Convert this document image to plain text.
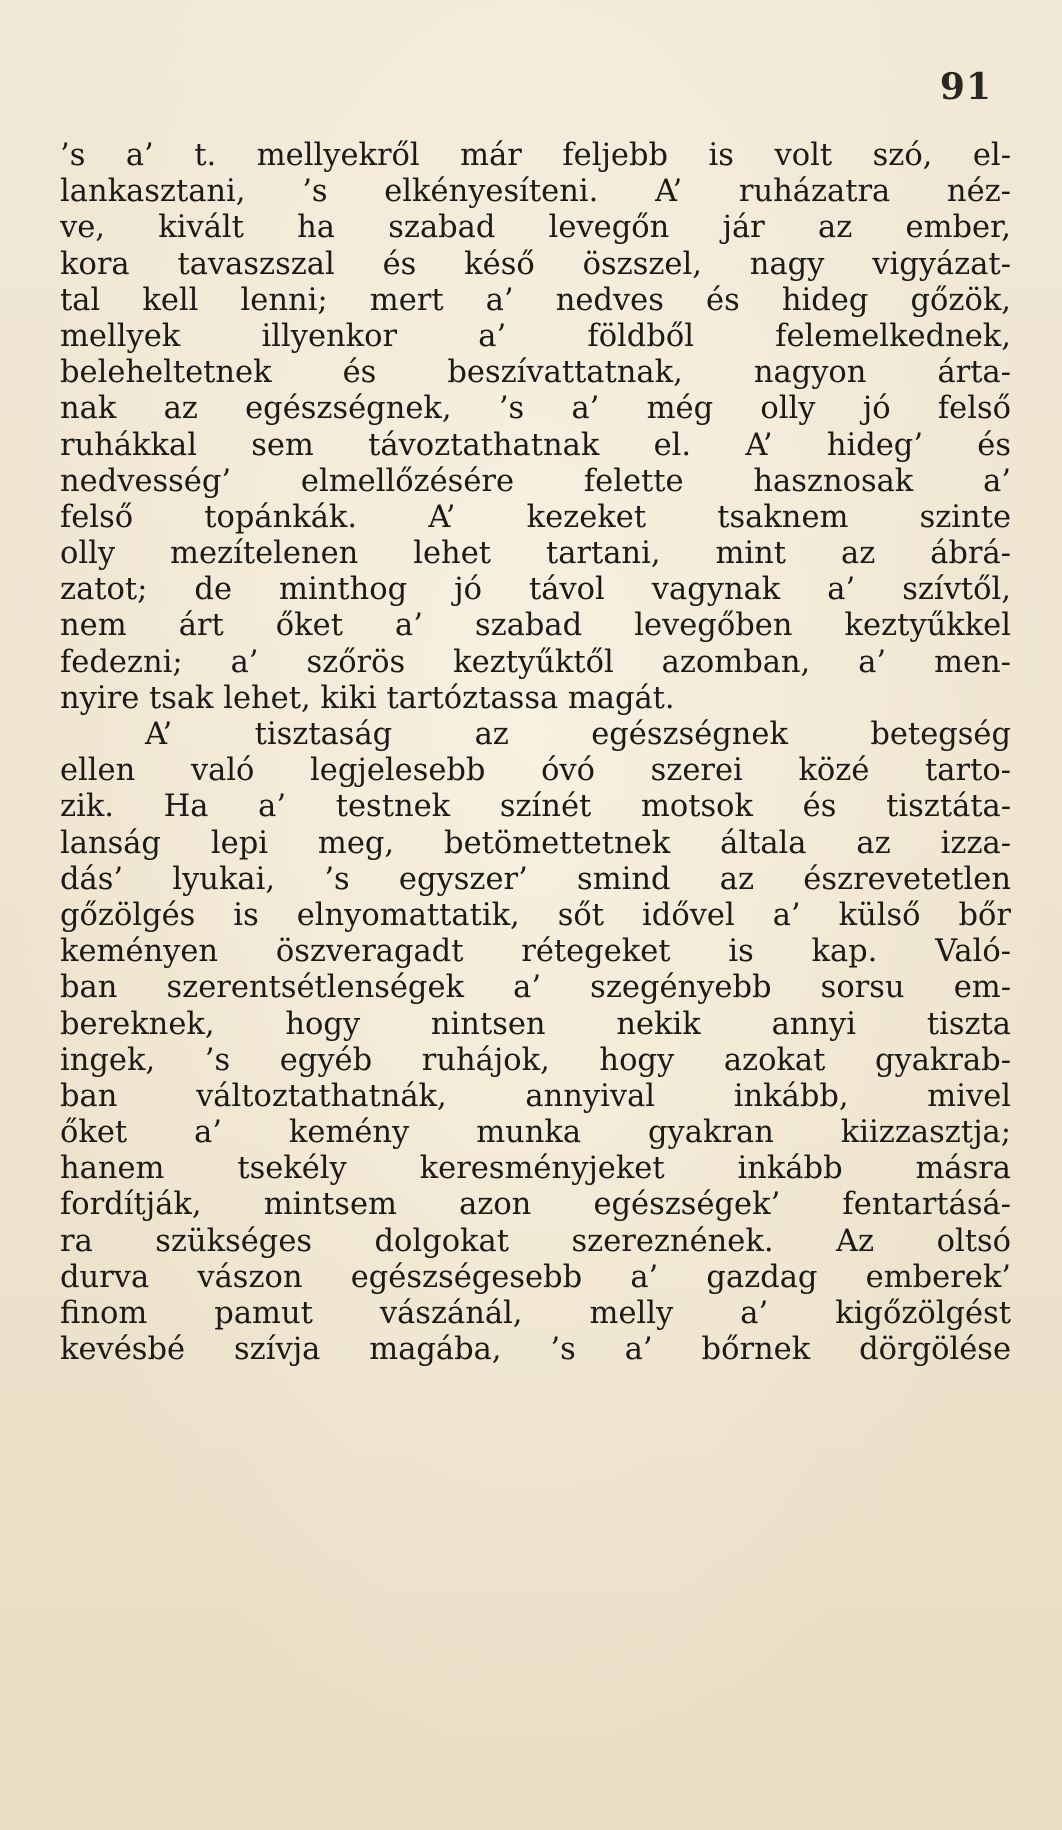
91
’s a’ t. mellyekről már feljebb is volt szó, el-
lankasztani, ’s elkényesíteni. A’ ruházatra néz-
ve, kivált ha szabad levegőn jár az ember,
kora tavaszszal és késő öszszel, nagy vigyázat-
tal kell lenni; mert a’ nedves és hideg gőzök,
mellyek illyenkor a’ földből felemelkednek,
beleheltetnek és beszívattatnak, nagyon árta-
nak az egészségnek, ’s a’ még olly jó felső
ruhákkal sem távoztathatnak el. A’ hideg’ és
nedvesség’ elmellőzésére felette hasznosak a’
felső topánkák. A’ kezeket tsaknem szinte
olly mezítelenen lehet tartani, mint az ábrá-
zatot; de minthog jó távol vagynak a’ szívtől,
nem árt őket a’ szabad levegőben keztyűkkel
fedezni; a’ szőrös keztyűktől azomban, a’ men-
nyire tsak lehet, kiki tartóztassa magát.
A’ tisztaság az egészségnek betegség
ellen való legjelesebb óvó szerei közé tarto-
zik. Ha a’ testnek színét motsok és tisztáta-
lanság lepi meg, betömettetnek általa az izza-
dás’ lyukai, ’s egyszer’ smind az észrevetetlen
gőzölgés is elnyomattatik, sőt idővel a’ külső bőr
keményen öszveragadt rétegeket is kap. Való-
ban szerentsétlenségek a’ szegényebb sorsu em-
bereknek, hogy nintsen nekik annyi tiszta
ingek, ’s egyéb ruhájok, hogy azokat gyakrab-
ban változtathatnák, annyival inkább, mivel
őket a’ kemény munka gyakran kiizzasztja;
hanem tsekély keresményjeket inkább másra
fordítják, mintsem azon egészségek’ fentartásá-
ra szükséges dolgokat szereznének. Az oltsó
durva vászon egészségesebb a’ gazdag emberek’
finom pamut vászánál, melly a’ kigőzölgést
kevésbé szívja magába, ’s a’ bőrnek dörgölése
